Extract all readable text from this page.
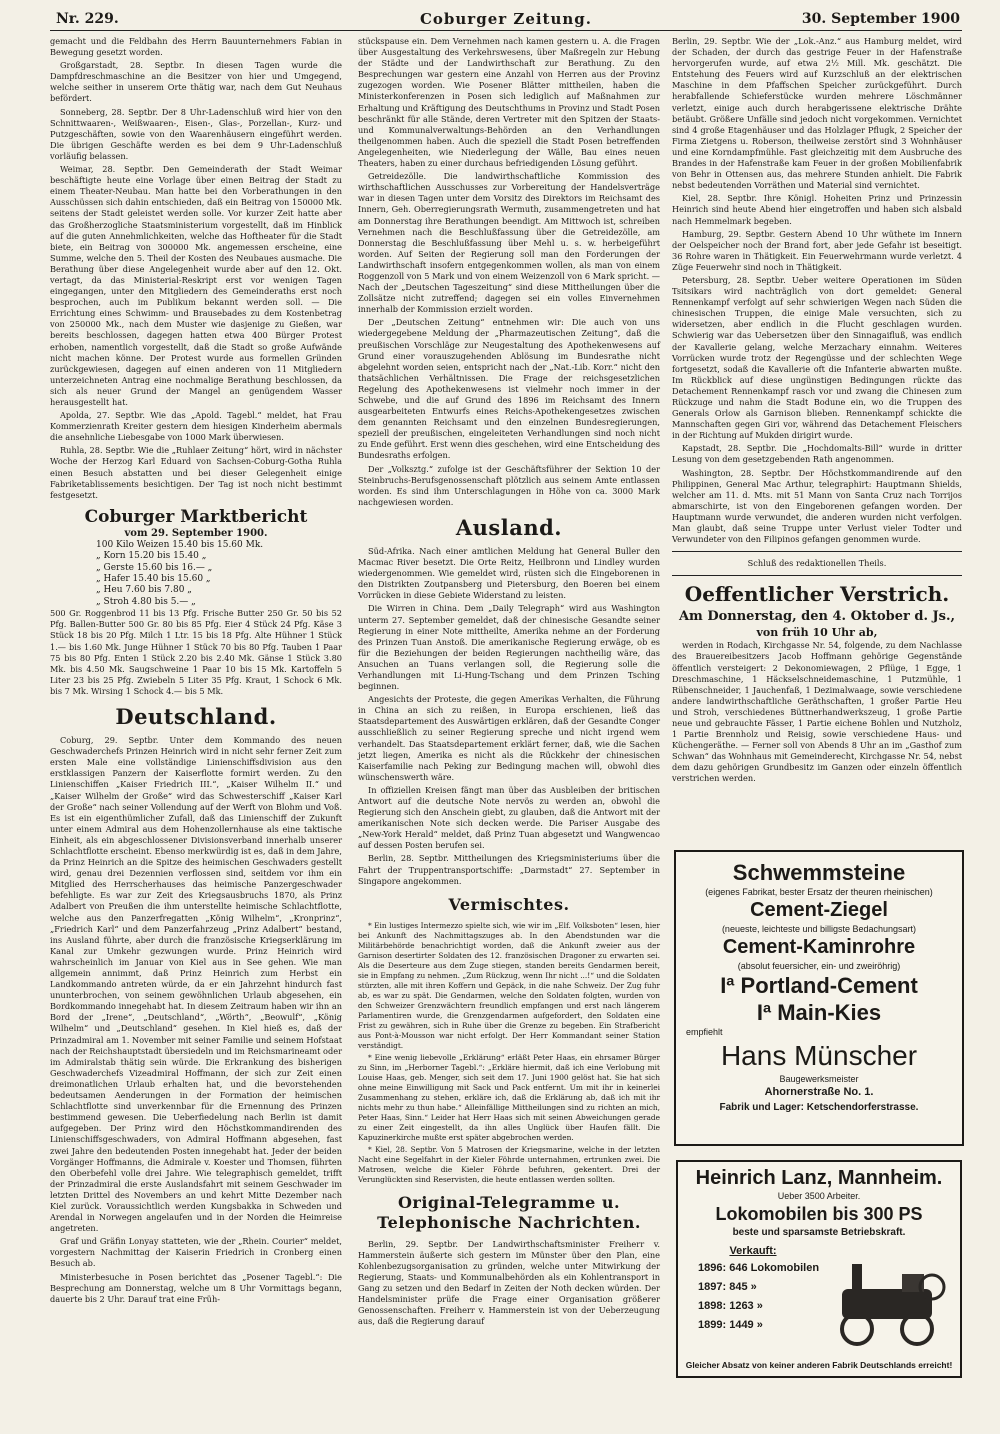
Nr. 229.	Coburger Zeitung.	30. September 1900

gemacht und die Feldbahn des Herrn Bauunternehmers Fabian in Bewegung gesetzt worden.

Großgarstadt, 28. Septbr. In diesen Tagen wurde die Dampfdreschmaschine an die Besitzer von hier und Umgegend, welche seither in unserem Orte thätig war, nach dem Gut Neuhaus befördert.

Sonneberg, 28. Septbr. Der 8 Uhr-Ladenschluß wird hier von den Schnittwaaren-, Weißwaaren-, Eisen-, Glas-, Porzellan-, Kurz- und Putzgeschäften, sowie von den Waarenhäusern eingeführt werden. Die übrigen Geschäfte werden es bei dem 9 Uhr-Ladenschluß vorläufig belassen.

Weimar, 28. Septbr. Den Gemeinderath der Stadt Weimar beschäftigte heute eine Vorlage über einen Beitrag der Stadt zu einem Theater-Neubau. Man hatte bei den Vorberathungen in den Ausschüssen sich dahin entschieden, daß ein Beitrag von 150000 Mk. seitens der Stadt geleistet werden solle. Vor kurzer Zeit hatte aber das Großherzogliche Staatsministerium vorgestellt, daß im Hinblick auf die guten Annehmlichkeiten, welche das Hoftheater für die Stadt biete, ein Beitrag von 300000 Mk. angemessen erscheine, eine Summe, welche den 5. Theil der Kosten des Neubaues ausmache. Die Berathung über diese Angelegenheit wurde aber auf den 12. Okt. vertagt, da das Ministerial-Reskript erst vor wenigen Tagen eingegangen, unter den Mitgliedern des Gemeinderaths erst noch besprochen, auch im Publikum bekannt werden soll. — Die Errichtung eines Schwimm- und Brausebades zu dem Kostenbetrag von 250000 Mk., nach dem Muster wie dasjenige zu Gießen, war bereits beschlossen, dagegen hatten etwa 400 Bürger Protest erhoben, namentlich vorgestellt, daß die Stadt so große Aufwände nicht machen könne. Der Protest wurde aus formellen Gründen zurückgewiesen, dagegen auf einen anderen von 11 Mitgliedern unterzeichneten Antrag eine nochmalige Berathung beschlossen, da sich als neuer Grund der Mangel an genügendem Wasser herausgestellt hat.

Apolda, 27. Septbr. Wie das „Apold. Tagebl.“ meldet, hat Frau Kommerzienrath Kreiter gestern dem hiesigen Kinderheim abermals die ansehnliche Liebesgabe von 1000 Mark überwiesen.

Ruhla, 28. Septbr. Wie die „Ruhlaer Zeitung“ hört, wird in nächster Woche der Herzog Karl Eduard von Sachsen-Coburg-Gotha Ruhla einen Besuch abstatten und bei dieser Gelegenheit einige Fabriketablissements besichtigen. Der Tag ist noch nicht bestimmt festgesetzt.

Coburger Marktbericht
vom 29. September 1900.
100 Kilo Weizen 15.40 bis 15.60 Mk.
„ Korn 15.20 bis 15.40 „
„ Gerste 15.60 bis 16.— „
„ Hafer 15.40 bis 15.60 „
„ Heu 7.60 bis 7.80 „
„ Stroh 4.80 bis 5.— „

500 Gr. Roggenbrod 11 bis 13 Pfg. Frische Butter 250 Gr. 50 bis 52 Pfg. Ballen-Butter 500 Gr. 80 bis 85 Pfg. Eier 4 Stück 24 Pfg. Käse 3 Stück 18 bis 20 Pfg. Milch 1 Ltr. 15 bis 18 Pfg. Alte Hühner 1 Stück 1.— bis 1.60 Mk. Junge Hühner 1 Stück 70 bis 80 Pfg. Tauben 1 Paar 75 bis 80 Pfg. Enten 1 Stück 2.20 bis 2.40 Mk. Gänse 1 Stück 3.80 Mk. bis 4.50 Mk. Saugschweine 1 Paar 10 bis 15 Mk. Kartoffeln 5 Liter 23 bis 25 Pfg. Zwiebeln 5 Liter 35 Pfg. Kraut, 1 Schock 6 Mk. bis 7 Mk. Wirsing 1 Schock 4.— bis 5 Mk.

Deutschland.

Coburg, 29. Septbr. Unter dem Kommando des neuen Geschwaderchefs Prinzen Heinrich wird in nicht sehr ferner Zeit zum ersten Male eine vollständige Linienschiffsdivision aus den erstklassigen Panzern der Kaiserflotte formirt werden. Zu den Linienschiffen „Kaiser Friedrich III.“, „Kaiser Wilhelm II.“ und „Kaiser Wilhelm der Große“ wird das Schwesterschiff „Kaiser Karl der Große“ nach seiner Vollendung auf der Werft von Blohm und Voß. Es ist ein eigenthümlicher Zufall, daß das Linienschiff der Zukunft unter einem Admiral aus dem Hohenzollernhause als eine taktische Einheit, als ein abgeschlossener Divisionsverband innerhalb unserer Schlachtflotte erscheint. Ebenso merkwürdig ist es, daß in dem Jahre, da Prinz Heinrich an die Spitze des heimischen Geschwaders gestellt wird, genau drei Dezennien verflossen sind, seitdem vor ihm ein Mitglied des Herrscherhauses das heimische Panzergeschwader befehligte. Es war zur Zeit des Kriegsausbruchs 1870, als Prinz Adalbert von Preußen die ihm unterstellte heimische Schlachtflotte, welche aus den Panzerfregatten „König Wilhelm“, „Kronprinz“, „Friedrich Karl“ und dem Panzerfahrzeug „Prinz Adalbert“ bestand, ins Ausland führte, aber durch die französische Kriegserklärung im Kanal zur Umkehr gezwungen wurde. Prinz Heinrich wird wahrscheinlich im Januar von Kiel aus in See gehen. Wie man allgemein annimmt, daß Prinz Heinrich zum Herbst ein Landkommando antreten würde, da er ein Jahrzehnt hindurch fast ununterbrochen, von seinem gewöhnlichen Urlaub abgesehen, ein Bordkommando innegehabt hat. In diesem Zeitraum haben wir ihn an Bord der „Irene“, „Deutschland“, „Wörth“, „Beowulf“, „König Wilhelm“ und „Deutschland“ gesehen. In Kiel hieß es, daß der Prinzadmiral am 1. November mit seiner Familie und seinem Hofstaat nach der Reichshauptstadt übersiedeln und im Reichsmarineamt oder im Admiralstab thätig sein würde. Die Erkrankung des bisherigen Geschwaderchefs Vizeadmiral Hoffmann, der sich zur Zeit einen dreimonatlichen Urlaub erhalten hat, und die bevorstehenden bedeutsamen Aenderungen in der Formation der heimischen Schlachtflotte sind unverkennbar für die Ernennung des Prinzen bestimmend gewesen. Die Ueberfiedelung nach Berlin ist damit aufgegeben. Der Prinz wird den Höchstkommandirenden des Linienschiffsgeschwaders, von Admiral Hoffmann abgesehen, fast zwei Jahre den bedeutenden Posten innegehabt hat. Jeder der beiden Vorgänger Hoffmanns, die Admirale v. Koester und Thomsen, führten den Oberbefehl volle drei Jahre. Wie telegraphisch gemeldet, trifft der Prinzadmiral die erste Auslandsfahrt mit seinem Geschwader im letzten Drittel des Novembers an und kehrt Mitte Dezember nach Kiel zurück. Voraussichtlich werden Kungsbakka in Schweden und Arendal in Norwegen angelaufen und in der Norden die Heimreise angetreten.

Graf und Gräfin Lonyay statteten, wie der „Rhein. Courier“ meldet, vorgestern Nachmittag der Kaiserin Friedrich in Cronberg einen Besuch ab.

Ministerbesuche in Posen berichtet das „Posener Tagebl.“: Die Besprechung am Donnerstag, welche um 8 Uhr Vormittags begann, dauerte bis 2 Uhr. Darauf trat eine Früh-

stückspause ein. Dem Vernehmen nach kamen gestern u. A. die Fragen über Ausgestaltung des Verkehrswesens, über Maßregeln zur Hebung der Städte und der Landwirthschaft zur Berathung. Zu den Besprechungen war gestern eine Anzahl von Herren aus der Provinz zugezogen worden. Wie Posener Blätter mittheilen, haben die Ministerkonferenzen in Posen sich lediglich auf Maßnahmen zur Erhaltung und Kräftigung des Deutschthums in Provinz und Stadt Posen beschränkt für alle Stände, deren Vertreter mit den Spitzen der Staats- und Kommunalverwaltungs-Behörden an den Verhandlungen theilgenommen haben. Auch die speziell die Stadt Posen betreffenden Angelegenheiten, wie Niederlegung der Wälle, Bau eines neuen Theaters, haben zu einer durchaus befriedigenden Lösung geführt.

Getreidezölle. Die landwirthschaftliche Kommission des wirthschaftlichen Ausschusses zur Vorbereitung der Handelsverträge war in diesen Tagen unter dem Vorsitz des Direktors im Reichsamt des Innern, Geh. Oberregierungsrath Wermuth, zusammengetreten und hat am Donnerstag ihre Berathungen beendigt. Am Mittwoch ist, schreiben Vernehmen nach die Beschlußfassung über die Getreidezölle, am Donnerstag die Beschlußfassung über Mehl u. s. w. herbeigeführt worden. Auf Seiten der Regierung soll man den Forderungen der Landwirthschaft insofern entgegenkommen wollen, als man von einem Roggenzoll von 5 Mark und von einem Weizenzoll von 6 Mark spricht. — Nach der „Deutschen Tageszeitung“ sind diese Mittheilungen über die Zollsätze nicht zutreffend; dagegen sei ein volles Einvernehmen innerhalb der Kommission erzielt worden.

Der „Deutschen Zeitung“ entnehmen wir: Die auch von uns wiedergegebene Meldung der „Pharmazeutischen Zeitung“, daß die preußischen Vorschläge zur Neugestaltung des Apothekenwesens auf Grund einer vorauszugehenden Ablösung im Bundesrathe nicht abgelehnt worden seien, entspricht nach der „Nat.-Lib. Korr.“ nicht den thatsächlichen Verhältnissen. Die Frage der reichsgesetzlichen Regelung des Apothekenwesens ist vielmehr noch immer in der Schwebe, und die auf Grund des 1896 im Reichsamt des Innern ausgearbeiteten Entwurfs eines Reichs-Apothekengesetzes zwischen dem genannten Reichsamt und den einzelnen Bundesregierungen, speziell der preußischen, eingeleiteten Verhandlungen sind noch nicht zu Ende geführt. Erst wenn dies geschehen, wird eine Entscheidung des Bundesraths erfolgen.

Der „Volksztg.“ zufolge ist der Geschäftsführer der Sektion 10 der Steinbruchs-Berufsgenossenschaft plötzlich aus seinem Amte entlassen worden. Es sind ihm Unterschlagungen in Höhe von ca. 3000 Mark nachgewiesen worden.

Ausland.

Süd-Afrika. Nach einer amtlichen Meldung hat General Buller den Macmac River besetzt. Die Orte Reitz, Heilbronn und Lindley wurden wiedergenommen. Wie gemeldet wird, rüsten sich die Eingeborenen in den Distrikten Zoutpansberg und Pietersburg, den Boeren bei einem Vorrücken in diese Gebiete Widerstand zu leisten.

Die Wirren in China. Dem „Daily Telegraph“ wird aus Washington unterm 27. September gemeldet, daß der chinesische Gesandte seiner Regierung in einer Note mittheilte, Amerika nehme an der Forderung des Prinzen Tuan Anstoß. Die amerikanische Regierung erwäge, ob es für die Beziehungen der beiden Regierungen nachtheilig wäre, das Ansuchen an Tuans verlangen soll, die Regierung solle die Verhandlungen mit Li-Hung-Tschang und dem Prinzen Tsching beginnen.

Angesichts der Proteste, die gegen Amerikas Verhalten, die Führung in China an sich zu reißen, in Europa erschienen, ließ das Staatsdepartement des Auswärtigen erklären, daß der Gesandte Conger ausschließlich zu seiner Regierung spreche und nicht irgend wem verhandelt. Das Staatsdepartement erklärt ferner, daß, wie die Sachen jetzt liegen, Amerika es nicht als die Rückkehr der chinesischen Kaiserfamilie nach Peking zur Bedingung machen will, obwohl dies wünschenswerth wäre.

In offiziellen Kreisen fängt man über das Ausbleiben der britischen Antwort auf die deutsche Note nervös zu werden an, obwohl die Regierung sich den Anschein giebt, zu glauben, daß die Antwort mit der amerikanischen Note sich decken werde. Die Pariser Ausgabe des „New-York Herald“ meldet, daß Prinz Tuan abgesetzt und Wangwencao auf dessen Posten berufen sei.

Berlin, 28. Septbr. Mittheilungen des Kriegsministeriums über die Fahrt der Truppentransportschiffe: „Darmstadt“ 27. September in Singapore angekommen.

Vermischtes.

* Ein lustiges Intermezzo spielte sich, wie wir im „Elf. Volksboten“ lesen, hier bei Ankunft des Nachmittagszuges ab. In den Abendstunden war die Militärbehörde benachrichtigt worden, daß die Ankunft zweier aus der Garnison desertirter Soldaten des 12. französischen Dragoner zu erwarten sei. Als die Deserteure aus dem Zuge stiegen, standen bereits Gendarmen bereit, sie in Empfang zu nehmen. „Zum Rückzug, wenn Ihr nicht ...!“ und die Soldaten stürzten, alle mit ihren Koffern und Gepäck, in die nahe Schweiz. Der Zug fuhr ab, es war zu spät. Die Gendarmen, welche den Soldaten folgten, wurden von den Schweizer Grenzwächtern freundlich empfangen und erst nach längerem Parlamentiren wurde, die Grenzgendarmen aufgefordert, den Soldaten eine Frist zu gewähren, sich in Ruhe über die Grenze zu begeben. Ein Strafbericht aus Pont-à-Mousson war nicht erfolgt. Der Herr Kommandant seiner Station verständigt.

* Eine wenig liebevolle „Erklärung“ erläßt Peter Haas, ein ehrsamer Bürger zu Sinn, im „Herborner Tagebl.“: „Erkläre hiermit, daß ich eine Verlobung mit Louise Haas, geb. Menger, sich seit dem 17. Juni 1900 gelöst hat. Sie hat sich ohne meine Einwilligung mit Sack und Pack entfernt. Um mit ihr in keinerlei Zusammenhang zu stehen, erkläre ich, daß die Erklärung ab, daß ich mit ihr nichts mehr zu thun habe.“ Alleinfällige Mittheilungen sind zu richten an mich, Peter Haas, Sinn.“ Leider hat Herr Haas sich mit seinen Abweichungen gerade zu einer Zeit eingestellt, da ihn alles Unglück über Haufen fällt. Die Kapuzinerkirche mußte erst später abgebrochen werden.

* Kiel, 28. Septbr. Von 5 Matrosen der Kriegsmarine, welche in der letzten Nacht eine Segelfahrt in der Kieler Föhrde unternahmen, ertrunken zwei. Die Matrosen, welche die Kieler Föhrde befuhren, gekentert. Drei der Verunglückten sind Reservisten, die heute entlassen werden sollten.

Original-Telegramme u. Telephonische Nachrichten.

Berlin, 29. Septbr. Der Landwirthschaftsminister Freiherr v. Hammerstein äußerte sich gestern im Münster über den Plan, eine Kohlenbezugsorganisation zu gründen, welche unter Mitwirkung der Regierung, Staats- und Kommunalbehörden als ein Kohlentransport in Gang zu setzen und den Bedarf in Zeiten der Noth decken würden. Der Handelsminister prüfe die Frage einer Organisation größerer Genossenschaften. Freiherr v. Hammerstein ist von der Ueberzeugung aus, daß die Regierung darauf

Berlin, 29. Septbr. Wie der „Lok.-Anz.“ aus Hamburg meldet, wird der Schaden, der durch das gestrige Feuer in der Hafenstraße hervorgerufen wurde, auf etwa 2½ Mill. Mk. geschätzt. Die Entstehung des Feuers wird auf Kurzschluß an der elektrischen Maschine in dem Pfaffschen Speicher zurückgeführt. Durch herabfallende Schieferstücke wurden mehrere Löschmänner verletzt, einige auch durch herabgerissene elektrische Drähte betäubt. Größere Unfälle sind jedoch nicht vorgekommen. Vernichtet sind 4 große Etagenhäuser und das Holzlager Pflugk, 2 Speicher der Firma Zietgens u. Roberson, theilweise zerstört sind 3 Wohnhäuser und eine Korndampfmühle. Fast gleichzeitig mit dem Ausbruche des Brandes in der Hafenstraße kam Feuer in der großen Mobilienfabrik von Behr in Ottensen aus, das mehrere Stunden anhielt. Die Fabrik nebst bedeutenden Vorräthen und Material sind vernichtet.

Kiel, 28. Septbr. Ihre Königl. Hoheiten Prinz und Prinzessin Heinrich sind heute Abend hier eingetroffen und haben sich alsbald nach Hemmelmark begeben.

Hamburg, 29. Septbr. Gestern Abend 10 Uhr wüthete im Innern der Oelspeicher noch der Brand fort, aber jede Gefahr ist beseitigt. 36 Rohre waren in Thätigkeit. Ein Feuerwehrmann wurde verletzt. 4 Züge Feuerwehr sind noch in Thätigkeit.

Petersburg, 28. Septbr. Ueber weitere Operationen im Süden Tsitsikars wird nachträglich von dort gemeldet: General Rennenkampf verfolgt auf sehr schwierigen Wegen nach Süden die chinesischen Truppen, die einige Male versuchten, sich zu widersetzen, aber endlich in die Flucht geschlagen wurden. Schwierig war das Uebersetzen über den Sinnagaifluß, was endlich der Kavallerie gelang, welche Merzachary einnahm. Weiteres Vorrücken wurde trotz der Regengüsse und der schlechten Wege fortgesetzt, sodaß die Kavallerie oft die Infanterie abwarten mußte. Im Rückblick auf diese ungünstigen Bedingungen rückte das Detachement Rennenkampf rasch vor und zwang die Chinesen zum Rückzuge und nahm die Stadt Bodune ein, wo die Truppen des Generals Orlow als Garnison blieben. Rennenkampf schickte die Mannschaften gegen Giri vor, während das Detachement Fleischers in der Richtung auf Mukden dirigirt wurde.

Kapstadt, 28. Septbr. Die „Hochdomalts-Bill“ wurde in dritter Lesung von dem gesetzgebenden Rath angenommen.

Washington, 28. Septbr. Der Höchstkommandirende auf den Philippinen, General Mac Arthur, telegraphirt: Hauptmann Shields, welcher am 11. d. Mts. mit 51 Mann von Santa Cruz nach Torrijos abmarschirte, ist von den Eingeborenen gefangen worden. Der Hauptmann wurde verwundet, die anderen wurden nicht verfolgen. Man glaubt, daß seine Truppe unter Verlust vieler Todter und Verwundeter von den Filipinos gefangen genommen wurde.

Schluß des redaktionellen Theils.
Oeffentlicher Verstrich.
Am Donnerstag, den 4. Oktober d. Js.,
von früh 10 Uhr ab,

werden in Rodach, Kirchgasse Nr. 54, folgende, zu dem Nachlasse des Brauereibesitzers Jacob Hoffmann gehörige Gegenstände öffentlich versteigert: 2 Dekonomiewagen, 2 Pflüge, 1 Egge, 1 Dreschmaschine, 1 Häckselschneidemaschine, 1 Putzmühle, 1 Rübenschneider, 1 Jauchenfaß, 1 Dezimalwaage, sowie verschiedene andere landwirthschaftliche Geräthschaften, 1 großer Partie Heu und Stroh, verschiedenes Büttnerhandwerkszeug, 1 große Partie neue und gebrauchte Fässer, 1 Partie eichene Bohlen und Nutzholz, 1 Partie Brennholz und Reisig, sowie verschiedene Haus- und Küchengeräthe. — Ferner soll von Abends 8 Uhr an im „Gasthof zum Schwan“ das Wohnhaus mit Gemeinderecht, Kirchgasse Nr. 54, nebst dem dazu gehörigen Grundbesitz im Ganzen oder einzeln öffentlich verstrichen werden.

Schwemmsteine
(eigenes Fabrikat, bester Ersatz der theuren rheinischen)
Cement-Ziegel
(neueste, leichteste und billigste Bedachungsart)
Cement-Kaminrohre
(absolut feuersicher, ein- und zweiröhrig)
Iª Portland-Cement
Iª Main-Kies
empfiehlt
Hans Münscher
Baugewerksmeister
Ahornerstraße No. 1.
Fabrik und Lager: Ketschendorferstrasse.
Heinrich Lanz, Mannheim.
Ueber 3500 Arbeiter.
Lokomobilen bis 300 PS
beste und sparsamste Betriebskraft.
Verkauft:
1896: 646 Lokomobilen
1897: 845 »
1898: 1263 »
1899: 1449 »
Gleicher Absatz von keiner anderen Fabrik Deutschlands erreicht!
